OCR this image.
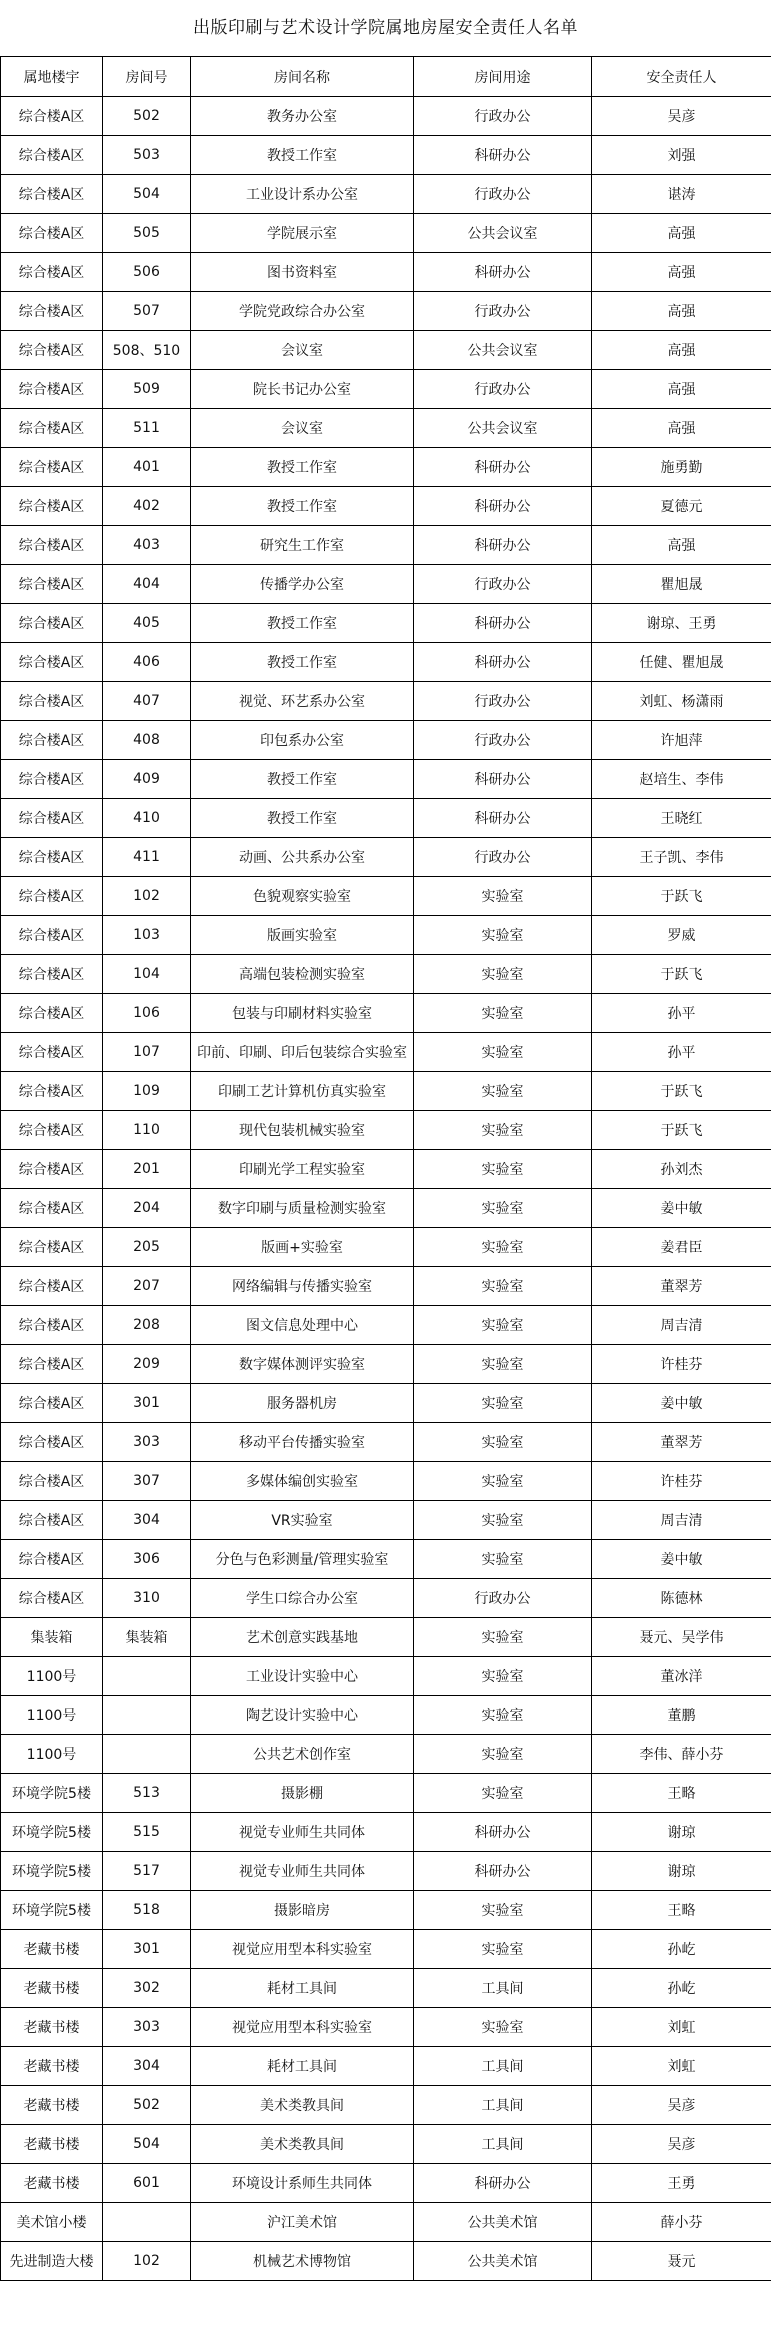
出版印刷与艺术设计学院属地房屋安全责任人名单
属地楼宇	房间号	房间名称	房间用途	安全责任人
综合楼A区	502	教务办公室	行政办公	吴彦
综合楼A区	503	教授工作室	科研办公	刘强
综合楼A区	504	工业设计系办公室	行政办公	谌涛
综合楼A区	505	学院展示室	公共会议室	高强
综合楼A区	506	图书资料室	科研办公	高强
综合楼A区	507	学院党政综合办公室	行政办公	高强
综合楼A区	508、510	会议室	公共会议室	高强
综合楼A区	509	院长书记办公室	行政办公	高强
综合楼A区	511	会议室	公共会议室	高强
综合楼A区	401	教授工作室	科研办公	施勇勤
综合楼A区	402	教授工作室	科研办公	夏德元
综合楼A区	403	研究生工作室	科研办公	高强
综合楼A区	404	传播学办公室	行政办公	瞿旭晟
综合楼A区	405	教授工作室	科研办公	谢琼、王勇
综合楼A区	406	教授工作室	科研办公	任健、瞿旭晟
综合楼A区	407	视觉、环艺系办公室	行政办公	刘虹、杨潇雨
综合楼A区	408	印包系办公室	行政办公	许旭萍
综合楼A区	409	教授工作室	科研办公	赵培生、李伟
综合楼A区	410	教授工作室	科研办公	王晓红
综合楼A区	411	动画、公共系办公室	行政办公	王子凯、李伟
综合楼A区	102	色貌观察实验室	实验室	于跃飞
综合楼A区	103	版画实验室	实验室	罗威
综合楼A区	104	高端包装检测实验室	实验室	于跃飞
综合楼A区	106	包装与印刷材料实验室	实验室	孙平
综合楼A区	107	印前、印刷、印后包装综合实验室	实验室	孙平
综合楼A区	109	印刷工艺计算机仿真实验室	实验室	于跃飞
综合楼A区	110	现代包装机械实验室	实验室	于跃飞
综合楼A区	201	印刷光学工程实验室	实验室	孙刘杰
综合楼A区	204	数字印刷与质量检测实验室	实验室	姜中敏
综合楼A区	205	版画+实验室	实验室	姜君臣
综合楼A区	207	网络编辑与传播实验室	实验室	董翠芳
综合楼A区	208	图文信息处理中心	实验室	周吉清
综合楼A区	209	数字媒体测评实验室	实验室	许桂芬
综合楼A区	301	服务器机房	实验室	姜中敏
综合楼A区	303	移动平台传播实验室	实验室	董翠芳
综合楼A区	307	多媒体编创实验室	实验室	许桂芬
综合楼A区	304	VR实验室	实验室	周吉清
综合楼A区	306	分色与色彩测量/管理实验室	实验室	姜中敏
综合楼A区	310	学生口综合办公室	行政办公	陈德林
集装箱	集装箱	艺术创意实践基地	实验室	聂元、吴学伟
1100号		工业设计实验中心	实验室	董冰洋
1100号		陶艺设计实验中心	实验室	董鹏
1100号		公共艺术创作室	实验室	李伟、薛小芬
环境学院5楼	513	摄影棚	实验室	王略
环境学院5楼	515	视觉专业师生共同体	科研办公	谢琼
环境学院5楼	517	视觉专业师生共同体	科研办公	谢琼
环境学院5楼	518	摄影暗房	实验室	王略
老藏书楼	301	视觉应用型本科实验室	实验室	孙屹
老藏书楼	302	耗材工具间	工具间	孙屹
老藏书楼	303	视觉应用型本科实验室	实验室	刘虹
老藏书楼	304	耗材工具间	工具间	刘虹
老藏书楼	502	美术类教具间	工具间	吴彦
老藏书楼	504	美术类教具间	工具间	吴彦
老藏书楼	601	环境设计系师生共同体	科研办公	王勇
美术馆小楼		沪江美术馆	公共美术馆	薛小芬
先进制造大楼	102	机械艺术博物馆	公共美术馆	聂元
